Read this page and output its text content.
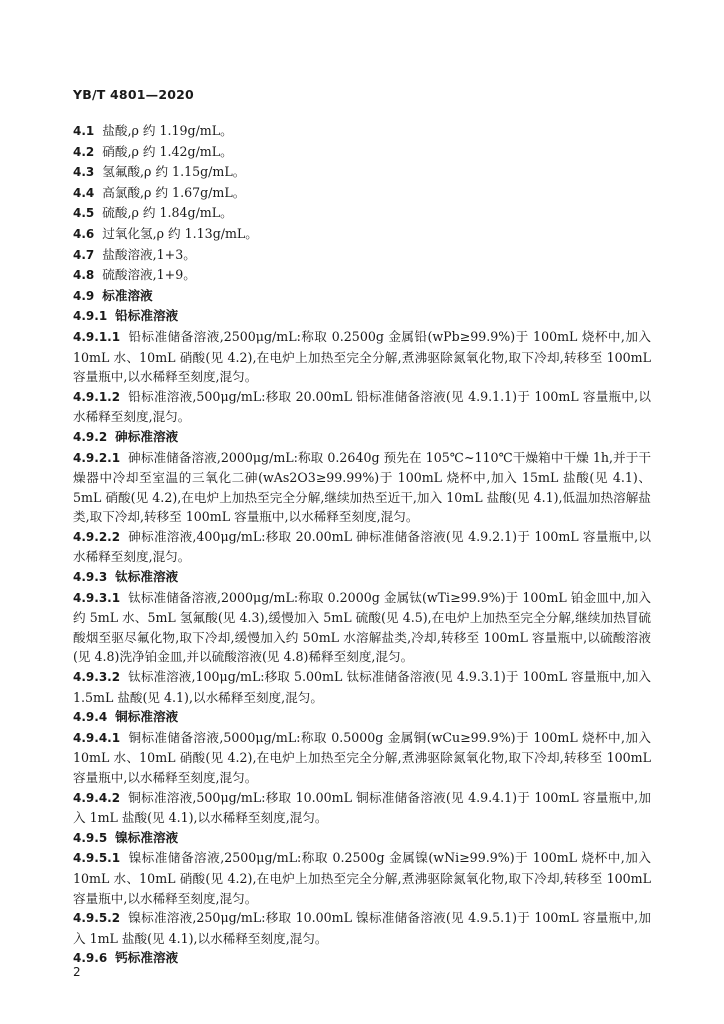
YB/T 4801—2020
4.1 盐酸,ρ 约 1.19g/mL。
4.2 硝酸,ρ 约 1.42g/mL。
4.3 氢氟酸,ρ 约 1.15g/mL。
4.4 高氯酸,ρ 约 1.67g/mL。
4.5 硫酸,ρ 约 1.84g/mL。
4.6 过氧化氢,ρ 约 1.13g/mL。
4.7 盐酸溶液,1+3。
4.8 硫酸溶液,1+9。
4.9 标准溶液
4.9.1 铅标准溶液
4.9.1.1 铅标准储备溶液,2500μg/mL:称取 0.2500g 金属铅(wPb≥99.9%)于 100mL 烧杯中,加入 10mL 水、10mL 硝酸(见 4.2),在电炉上加热至完全分解,煮沸驱除氮氧化物,取下冷却,转移至 100mL 容量瓶中,以水稀释至刻度,混匀。
4.9.1.2 铅标准溶液,500μg/mL:移取 20.00mL 铅标准储备溶液(见 4.9.1.1)于 100mL 容量瓶中,以水稀释至刻度,混匀。
4.9.2 砷标准溶液
4.9.2.1 砷标准储备溶液,2000μg/mL:称取 0.2640g 预先在 105℃~110℃干燥箱中干燥 1h,并于干燥器中冷却至室温的三氧化二砷(wAs2O3≥99.99%)于 100mL 烧杯中,加入 15mL 盐酸(见 4.1)、5mL 硝酸(见 4.2),在电炉上加热至完全分解,继续加热至近干,加入 10mL 盐酸(见 4.1),低温加热溶解盐类,取下冷却,转移至 100mL 容量瓶中,以水稀释至刻度,混匀。
4.9.2.2 砷标准溶液,400μg/mL:移取 20.00mL 砷标准储备溶液(见 4.9.2.1)于 100mL 容量瓶中,以水稀释至刻度,混匀。
4.9.3 钛标准溶液
4.9.3.1 钛标准储备溶液,2000μg/mL:称取 0.2000g 金属钛(wTi≥99.9%)于 100mL 铂金皿中,加入约 5mL 水、5mL 氢氟酸(见 4.3),缓慢加入 5mL 硫酸(见 4.5),在电炉上加热至完全分解,继续加热冒硫酸烟至驱尽氟化物,取下冷却,缓慢加入约 50mL 水溶解盐类,冷却,转移至 100mL 容量瓶中,以硫酸溶液(见 4.8)洗净铂金皿,并以硫酸溶液(见 4.8)稀释至刻度,混匀。
4.9.3.2 钛标准溶液,100μg/mL:移取 5.00mL 钛标准储备溶液(见 4.9.3.1)于 100mL 容量瓶中,加入 1.5mL 盐酸(见 4.1),以水稀释至刻度,混匀。
4.9.4 铜标准溶液
4.9.4.1 铜标准储备溶液,5000μg/mL:称取 0.5000g 金属铜(wCu≥99.9%)于 100mL 烧杯中,加入 10mL 水、10mL 硝酸(见 4.2),在电炉上加热至完全分解,煮沸驱除氮氧化物,取下冷却,转移至 100mL 容量瓶中,以水稀释至刻度,混匀。
4.9.4.2 铜标准溶液,500μg/mL:移取 10.00mL 铜标准储备溶液(见 4.9.4.1)于 100mL 容量瓶中,加入 1mL 盐酸(见 4.1),以水稀释至刻度,混匀。
4.9.5 镍标准溶液
4.9.5.1 镍标准储备溶液,2500μg/mL:称取 0.2500g 金属镍(wNi≥99.9%)于 100mL 烧杯中,加入 10mL 水、10mL 硝酸(见 4.2),在电炉上加热至完全分解,煮沸驱除氮氧化物,取下冷却,转移至 100mL 容量瓶中,以水稀释至刻度,混匀。
4.9.5.2 镍标准溶液,250μg/mL:移取 10.00mL 镍标准储备溶液(见 4.9.5.1)于 100mL 容量瓶中,加入 1mL 盐酸(见 4.1),以水稀释至刻度,混匀。
4.9.6 钙标准溶液
2
